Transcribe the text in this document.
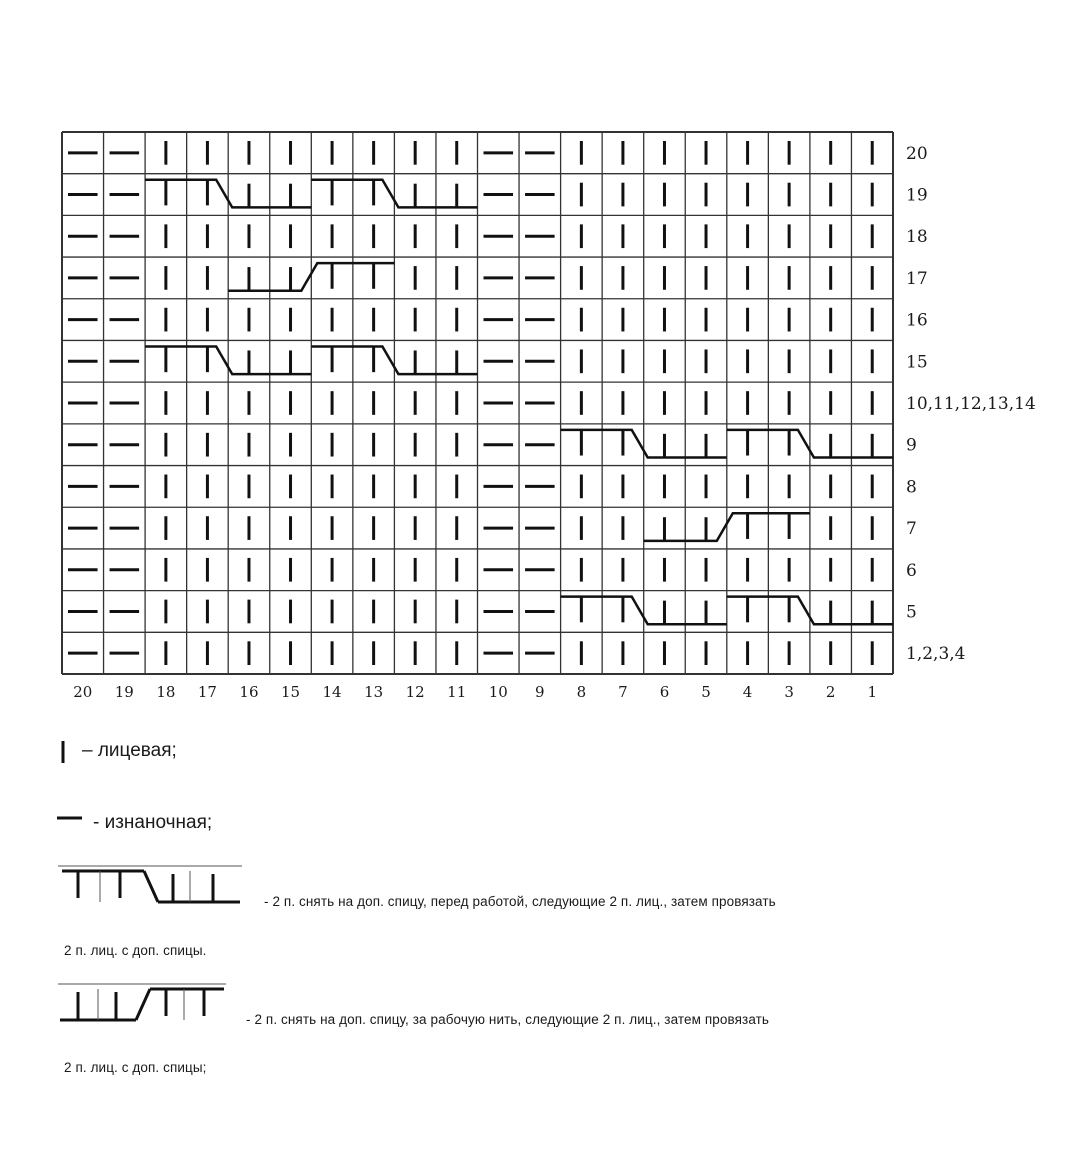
20
19
18
17
16
15
10,11,12,13,14
9
8
7
6
5
1,2,3,4
20 19 18 17 16 15 14 13 12 11 10 9 8 7 6 5 4 3 2 1
– лицевая;
- изнаночная;
- 2 п. снять на доп. спицу, перед работой, следующие 2 п. лиц., затем провязать
2 п. лиц. с доп. спицы.
- 2 п. снять на доп. спицу, за рабочую нить, следующие 2 п. лиц., затем провязать
2 п. лиц. с доп. спицы;
